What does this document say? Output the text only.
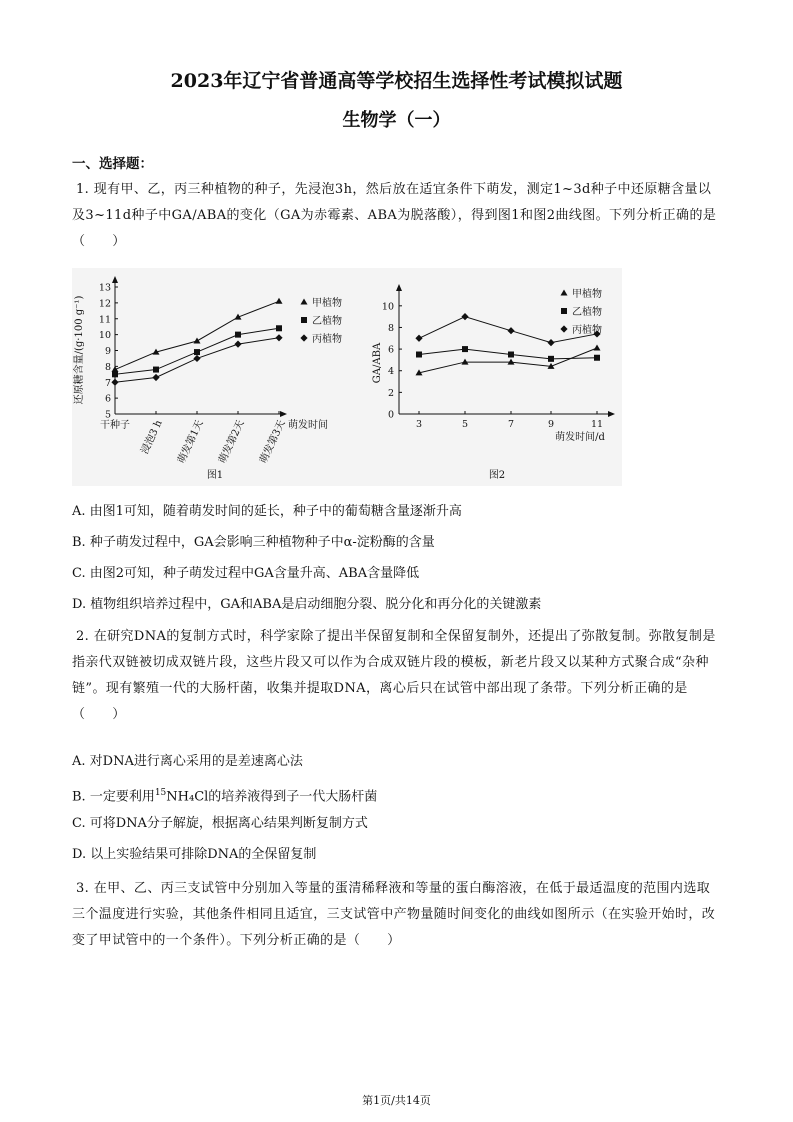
2023年辽宁省普通高等学校招生选择性考试模拟试题
生物学（一）
一、选择题：
1. 现有甲、乙，丙三种植物的种子，先浸泡3h，然后放在适宜条件下萌发，测定1~3d种子中还原糖含量以及3~11d种子中GA/ABA的变化（GA为赤霉素、ABA为脱落酸），得到图1和图2曲线图。下列分析正确的是（　　）
5
6
7
8
9
10
11
12
13
还原糖含量/(g·100 g⁻¹)
干种子 浸泡3 h 萌发第1天 萌发第2天 萌发第3天 萌发时间
甲植物
乙植物
丙植物
图1
0
2
4
6
8
10
GA/ABA
3	5	7	9	11
萌发时间/d
甲植物
乙植物
丙植物
图2
A. 由图1可知，随着萌发时间的延长，种子中的葡萄糖含量逐渐升高
B. 种子萌发过程中，GA会影响三种植物种子中α-淀粉酶的含量
C. 由图2可知，种子萌发过程中GA含量升高、ABA含量降低
D. 植物组织培养过程中，GA和ABA是启动细胞分裂、脱分化和再分化的关键激素
2. 在研究DNA的复制方式时，科学家除了提出半保留复制和全保留复制外，还提出了弥散复制。弥散复制是指亲代双链被切成双链片段，这些片段又可以作为合成双链片段的模板，新老片段又以某种方式聚合成“杂种链”。现有繁殖一代的大肠杆菌，收集并提取DNA，离心后只在试管中部出现了条带。下列分析正确的是（　　）
A. 对DNA进行离心采用的是差速离心法
B. 一定要利用$^{15}$NH₄Cl的培养液得到子一代大肠杆菌
C. 可将DNA分子解旋，根据离心结果判断复制方式
D. 以上实验结果可排除DNA的全保留复制
3. 在甲、乙、丙三支试管中分别加入等量的蛋清稀释液和等量的蛋白酶溶液，在低于最适温度的范围内选取三个温度进行实验，其他条件相同且适宜，三支试管中产物量随时间变化的曲线如图所示（在实验开始时，改变了甲试管中的一个条件）。下列分析正确的是（　　）
第1页/共14页
